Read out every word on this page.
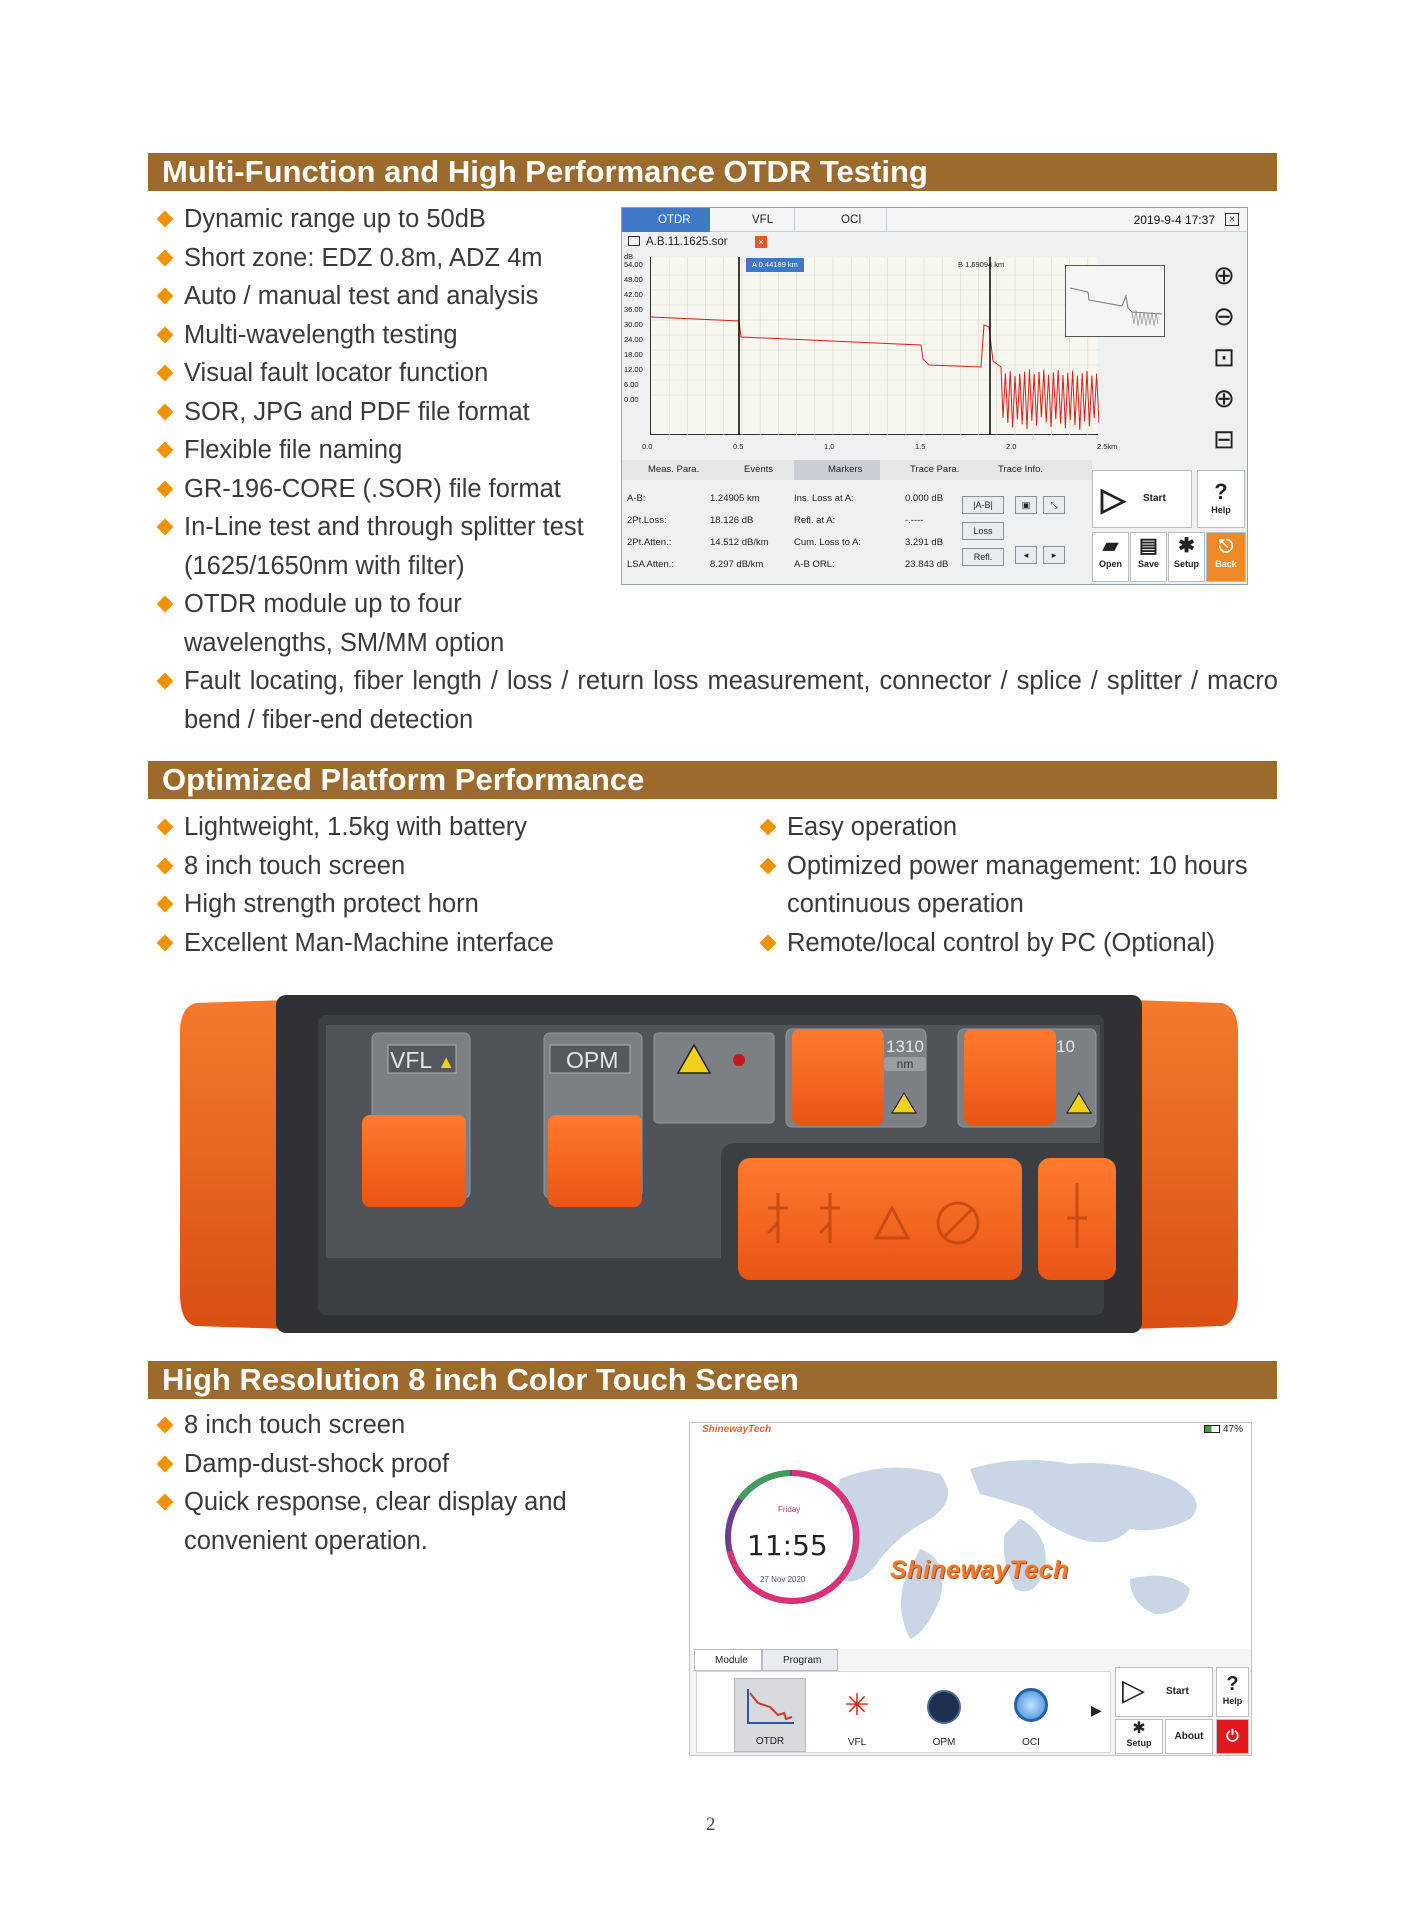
Multi-Function and High Performance OTDR Testing
Dynamic range up to 50dB
Short zone: EDZ 0.8m, ADZ 4m
Auto / manual test and analysis
Multi-wavelength testing
Visual fault locator function
SOR, JPG and PDF file format
Flexible file naming
GR-196-CORE (.SOR) file format
In-Line test and through splitter test
(1625/1650nm with filter)
OTDR module up to four
wavelengths, SM/MM option
Fault locating, fiber length / loss / return loss measurement, connector / splice / splitter / macro
bend / fiber-end detection
OTDR	VFL	OCI	2019-9-4 17:37	×
A.B.11.1625.sor	×
dB
A 0.44189 km	B 1.69094 km	⊕
⊖
⊡
⊕
⊟
Meas. Para.	Events	Markers	Trace Para.	Trace Info.
A-B:	1.24905 km	Ins. Loss at A:	0.000 dB
2Pt.Loss:	18.126 dB	Refl. at A:	-.----
2Pt.Atten.:	14.512 dB/km	Cum. Loss to A:	3.291 dB
LSA Atten.:	8.297 dB/km	A-B ORL:	23.843 dB
|A-B|
Loss
Refl.
▣	⤡
◂	▸
▷ Start	?
Help
▰
Open
▤
Save
✱
Setup
⎋
Back
54.00
48.00
42.00
36.00
30.00
24.00
18.00
12.00
6.00
0.00
0.0	0.5	1.0	1.5	2.0	2.5km
Optimized Platform Performance
Lightweight, 1.5kg with battery
8 inch touch screen
High strength protect horn
Excellent Man-Machine interface
Easy operation
Optimized power management: 10 hours
continuous operation
Remote/local control by PC (Optional)
VFL ▲	OPM
1310
nm
10
High Resolution 8 inch Color Touch Screen
8 inch touch screen
Damp-dust-shock proof
Quick response, clear display and
convenient operation.
ShinewayTech	47%
Friday
11:55
27 Nov 2020	ShinewayTech
Module	Program
OTDR
✳
VFL	OPM	OCI
▶
▷ Start	?
Help
✱
Setup
About	⏻
2
